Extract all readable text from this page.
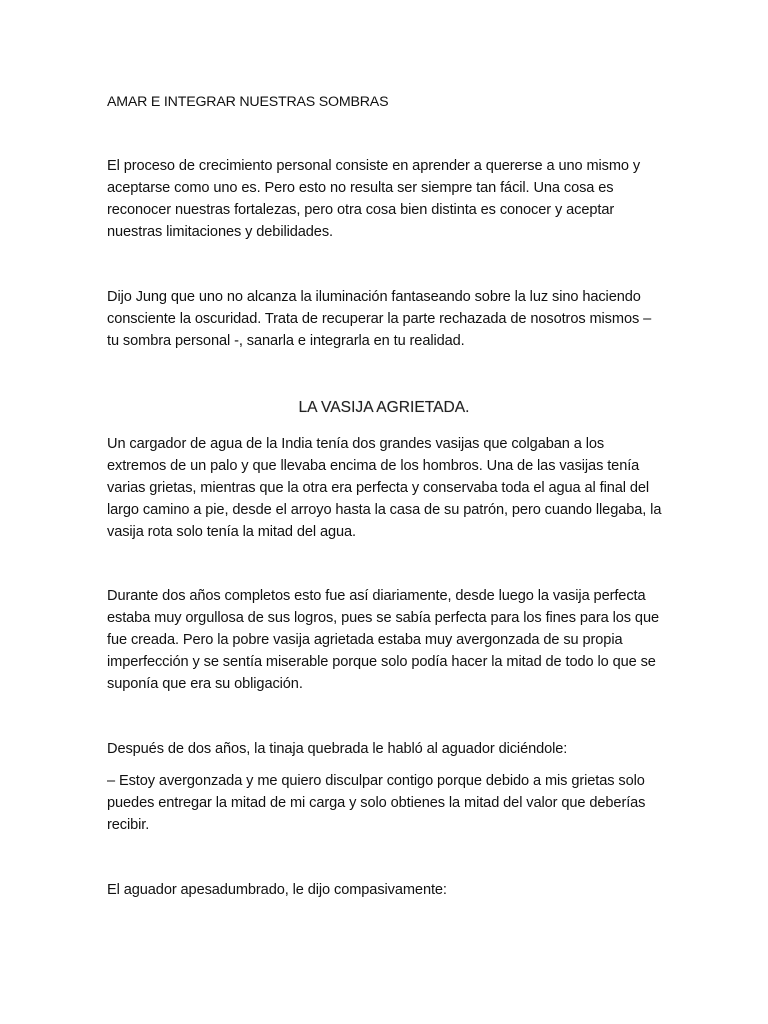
AMAR E INTEGRAR NUESTRAS SOMBRAS

El proceso de crecimiento personal consiste en aprender a quererse a uno mismo y aceptarse como uno es. Pero esto no resulta ser siempre tan fácil. Una cosa es reconocer nuestras fortalezas, pero otra cosa bien distinta es conocer y aceptar nuestras limitaciones y debilidades.

Dijo Jung que uno no alcanza la iluminación fantaseando sobre la luz sino haciendo consciente la oscuridad. Trata de recuperar la parte rechazada de nosotros mismos – tu sombra personal -, sanarla e integrarla en tu realidad.

LA VASIJA AGRIETADA.

Un cargador de agua de la India tenía dos grandes vasijas que colgaban a los extremos de un palo y que llevaba encima de los hombros. Una de las vasijas tenía varias grietas, mientras que la otra era perfecta y conservaba toda el agua al final del largo camino a pie, desde el arroyo hasta la casa de su patrón, pero cuando llegaba, la vasija rota solo tenía la mitad del agua.

Durante dos años completos esto fue así diariamente, desde luego la vasija perfecta estaba muy orgullosa de sus logros, pues se sabía perfecta para los fines para los que fue creada. Pero la pobre vasija agrietada estaba muy avergonzada de su propia imperfección y se sentía miserable porque solo podía hacer la mitad de todo lo que se suponía que era su obligación.

Después de dos años, la tinaja quebrada le habló al aguador diciéndole:

– Estoy avergonzada y me quiero disculpar contigo porque debido a mis grietas solo puedes entregar la mitad de mi carga y solo obtienes la mitad del valor que deberías recibir.

El aguador apesadumbrado, le dijo compasivamente:
